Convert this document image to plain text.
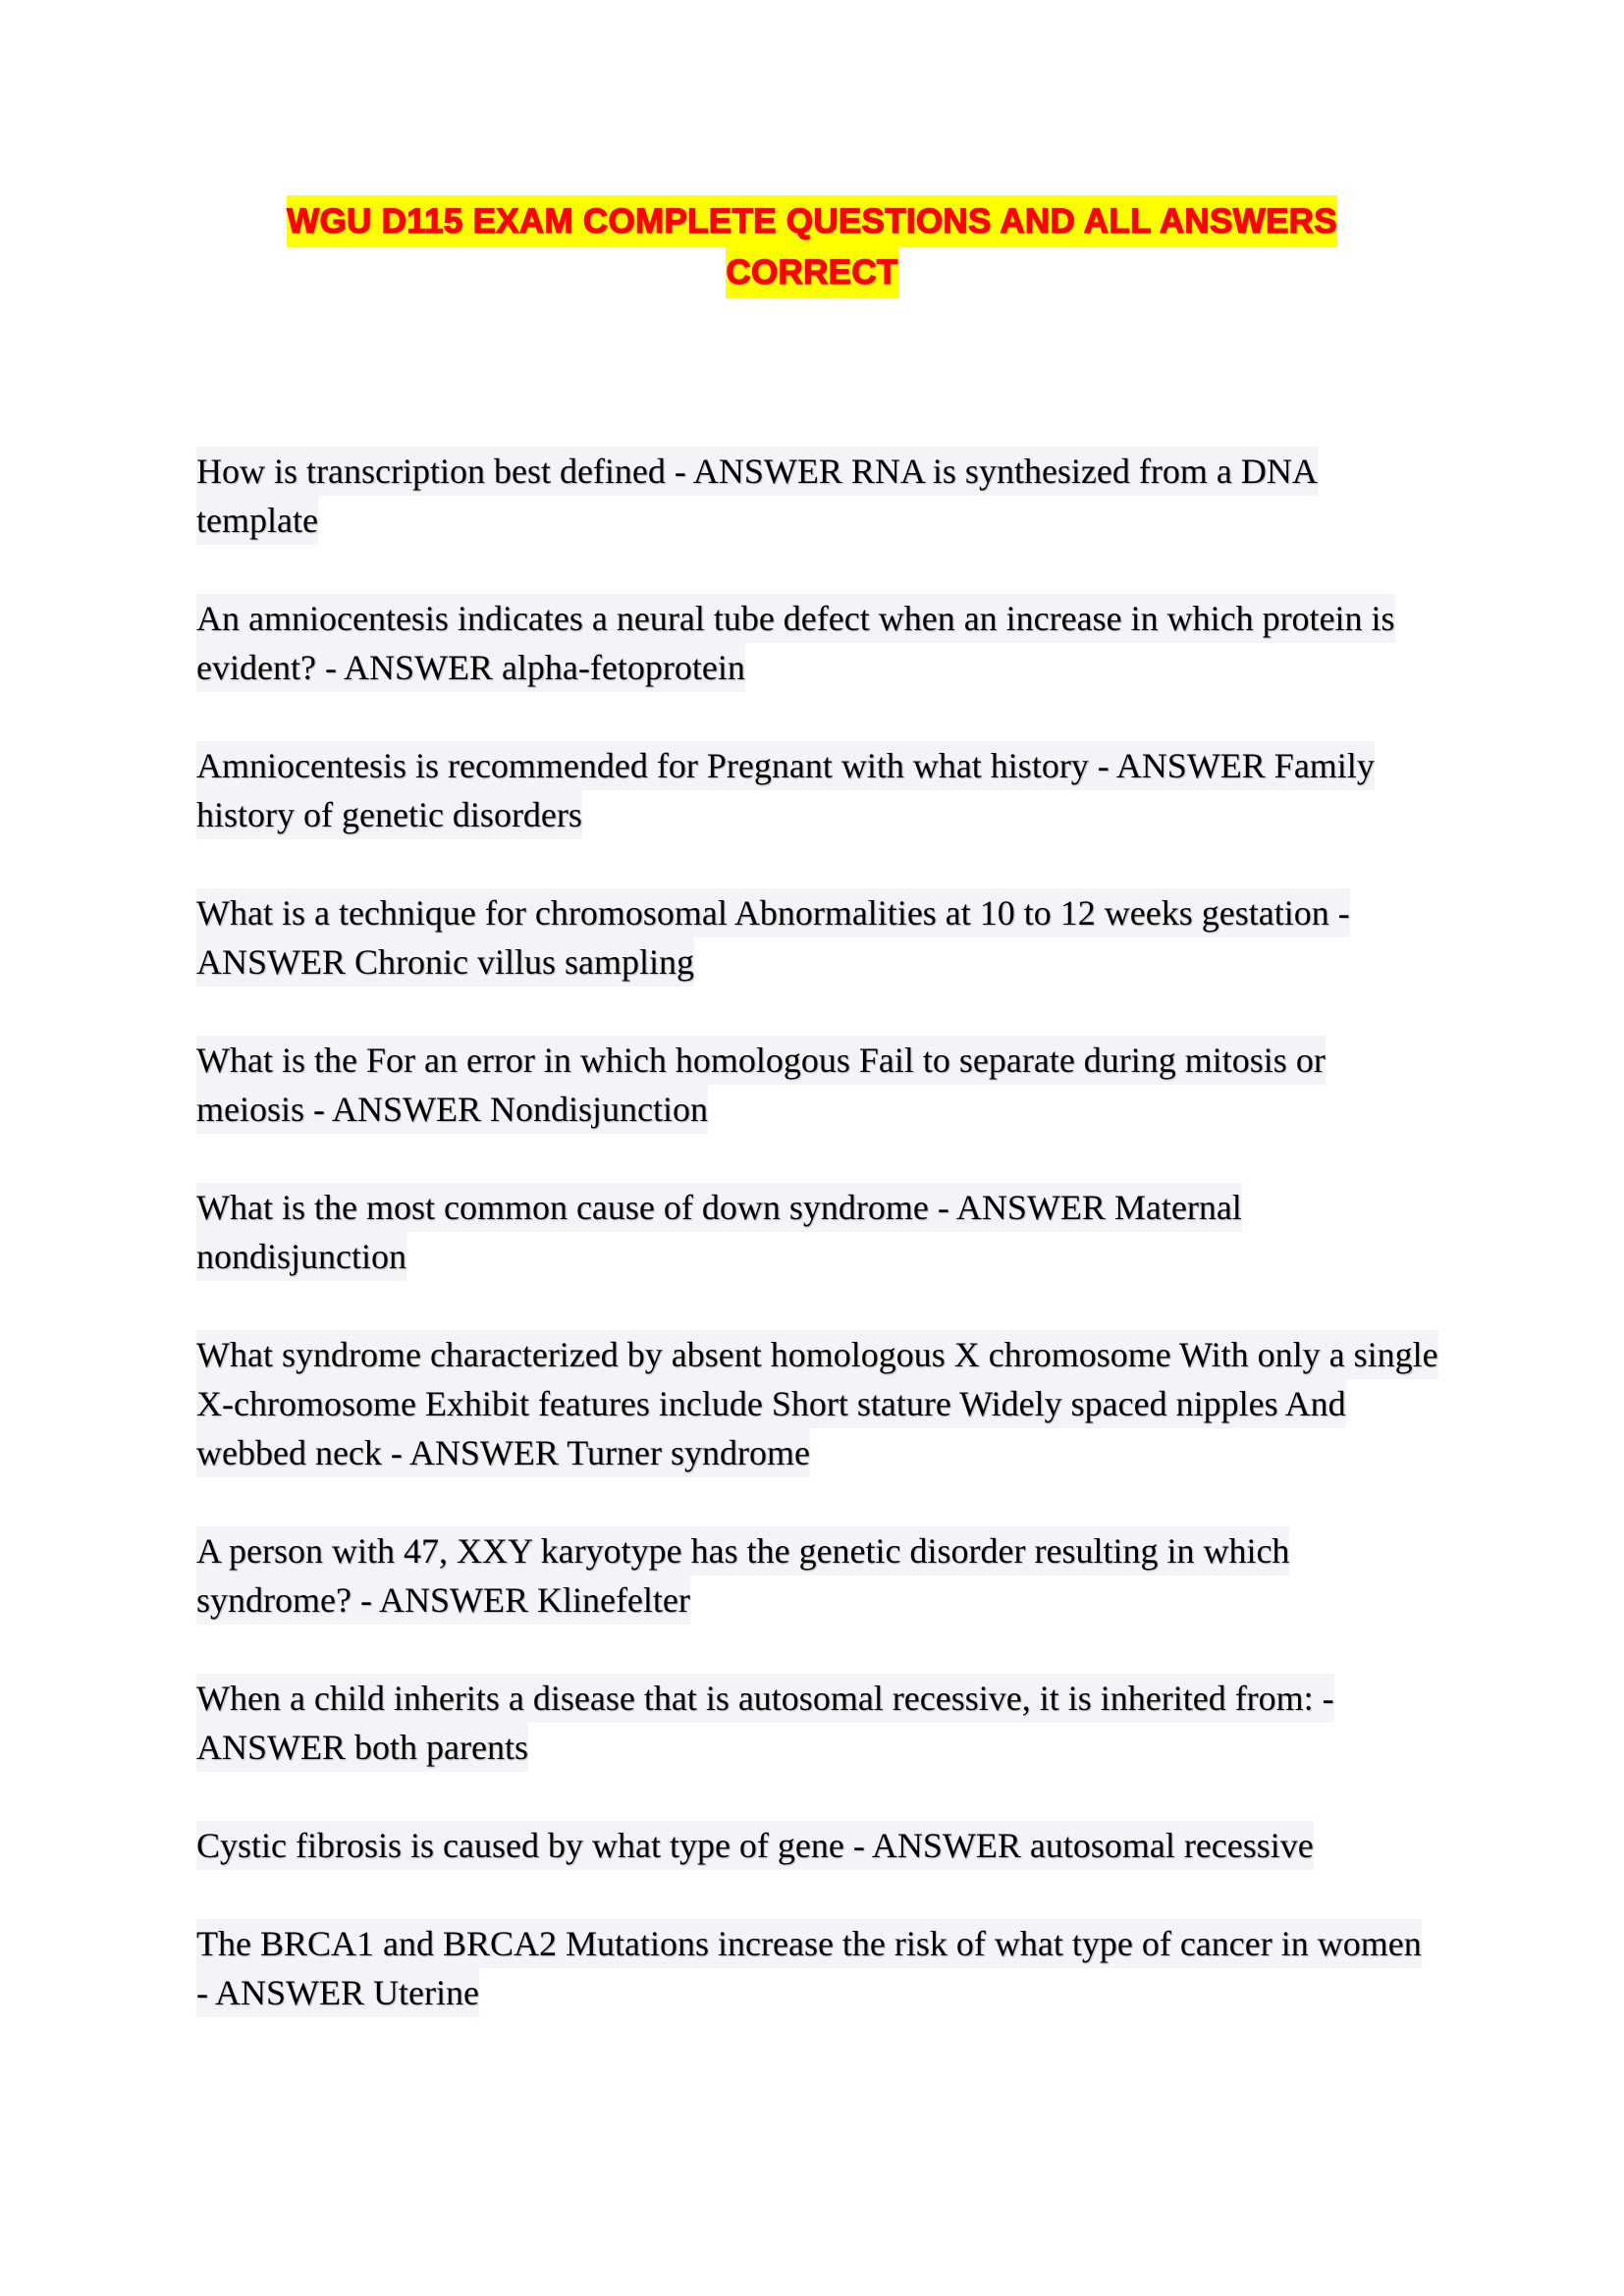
WGU D115 EXAM COMPLETE QUESTIONS AND ALL ANSWERS
CORRECT

How is transcription best defined - ANSWER RNA is synthesized from a DNA template

An amniocentesis indicates a neural tube defect when an increase in which protein is evident? - ANSWER alpha-fetoprotein

Amniocentesis is recommended for Pregnant with what history - ANSWER Family history of genetic disorders

What is a technique for chromosomal Abnormalities at 10 to 12 weeks gestation - ANSWER Chronic villus sampling

What is the For an error in which homologous Fail to separate during mitosis or meiosis - ANSWER Nondisjunction

What is the most common cause of down syndrome - ANSWER Maternal nondisjunction

What syndrome characterized by absent homologous X chromosome With only a single X-chromosome Exhibit features include Short stature Widely spaced nipples And webbed neck - ANSWER Turner syndrome

A person with 47, XXY karyotype has the genetic disorder resulting in which syndrome? - ANSWER Klinefelter

When a child inherits a disease that is autosomal recessive, it is inherited from: - ANSWER both parents

Cystic fibrosis is caused by what type of gene - ANSWER autosomal recessive

The BRCA1 and BRCA2 Mutations increase the risk of what type of cancer in women - ANSWER Uterine
